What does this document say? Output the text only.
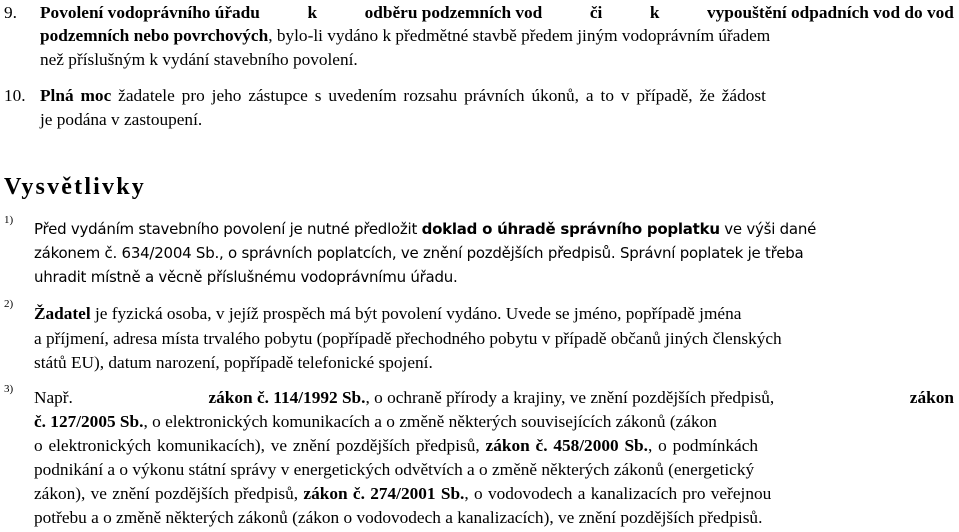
9. Povolení vodoprávního úřadu
	k
	odběru podzemních vod
	či
	k
	vypouštění odpadních vod do vod
podzemních nebo povrchových, bylo-li vydáno k předmětné stavbě předem jiným vodoprávním úřadem
než příslušným k vydání stavebního povolení.
10. Plná moc žadatele pro jeho zástupce s uvedením rozsahu právních úkonů, a to v případě, že žádost
je podána v zastoupení.
Vysvětlivky
1) Před vydáním stavebního povolení je nutné předložit doklad o úhradě správního poplatku ve výši dané
zákonem č. 634/2004 Sb., o správních poplatcích, ve znění pozdějších předpisů. Správní poplatek je třeba
uhradit místně a věcně příslušnému vodoprávnímu úřadu.
2) Žadatel je fyzická osoba, v jejíž prospěch má být povolení vydáno. Uvede se jméno, popřípadě jména
a příjmení, adresa místa trvalého pobytu (popřípadě přechodného pobytu v případě občanů jiných členských
států EU), datum narození, popřípadě telefonické spojení.
3) Např.	zákon č. 114/1992 Sb., o ochraně přírody a krajiny, ve znění pozdějších předpisů,	zákon
č. 127/2005 Sb., o elektronických komunikacích a o změně některých souvisejících zákonů (zákon
o elektronických komunikacích), ve znění pozdějších předpisů, zákon č. 458/2000 Sb., o podmínkách
podnikání a o výkonu státní správy v energetických odvětvích a o změně některých zákonů (energetický
zákon), ve znění pozdějších předpisů, zákon č. 274/2001 Sb., o vodovodech a kanalizacích pro veřejnou
potřebu a o změně některých zákonů (zákon o vodovodech a kanalizacích), ve znění pozdějších předpisů.
